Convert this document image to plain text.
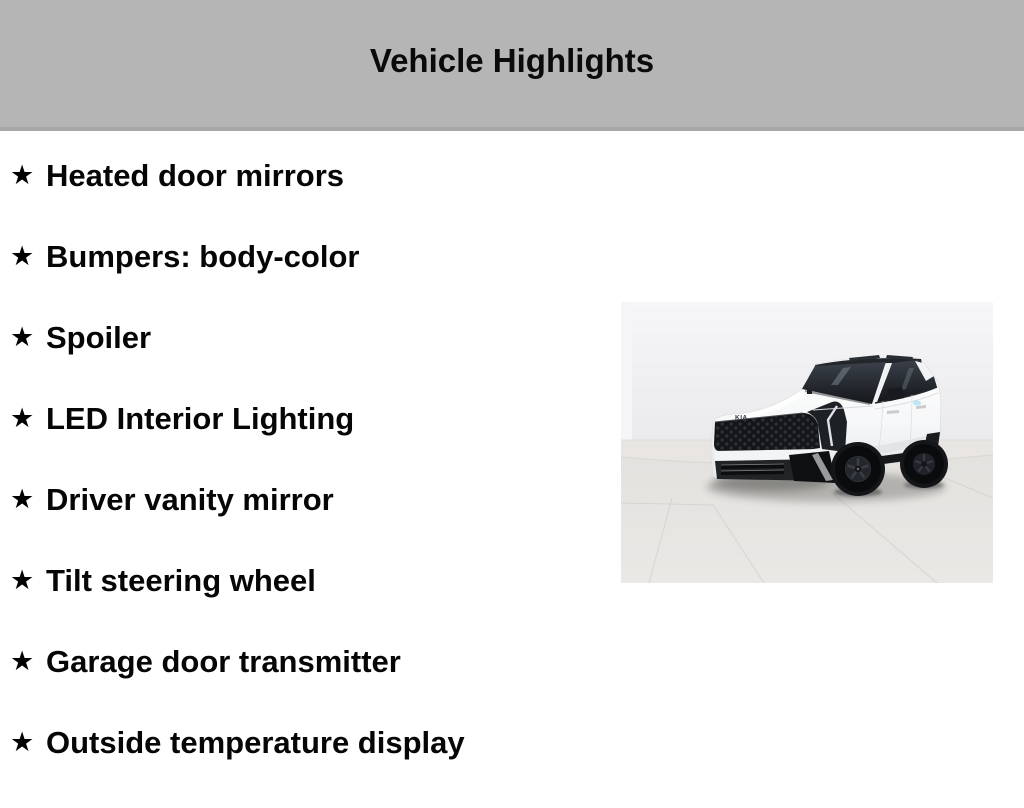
Vehicle Highlights
★ Heated door mirrors
★ Bumpers: body-color
★ Spoiler
★ LED Interior Lighting
★ Driver vanity mirror
★ Tilt steering wheel
★ Garage door transmitter
★ Outside temperature display
KIA
